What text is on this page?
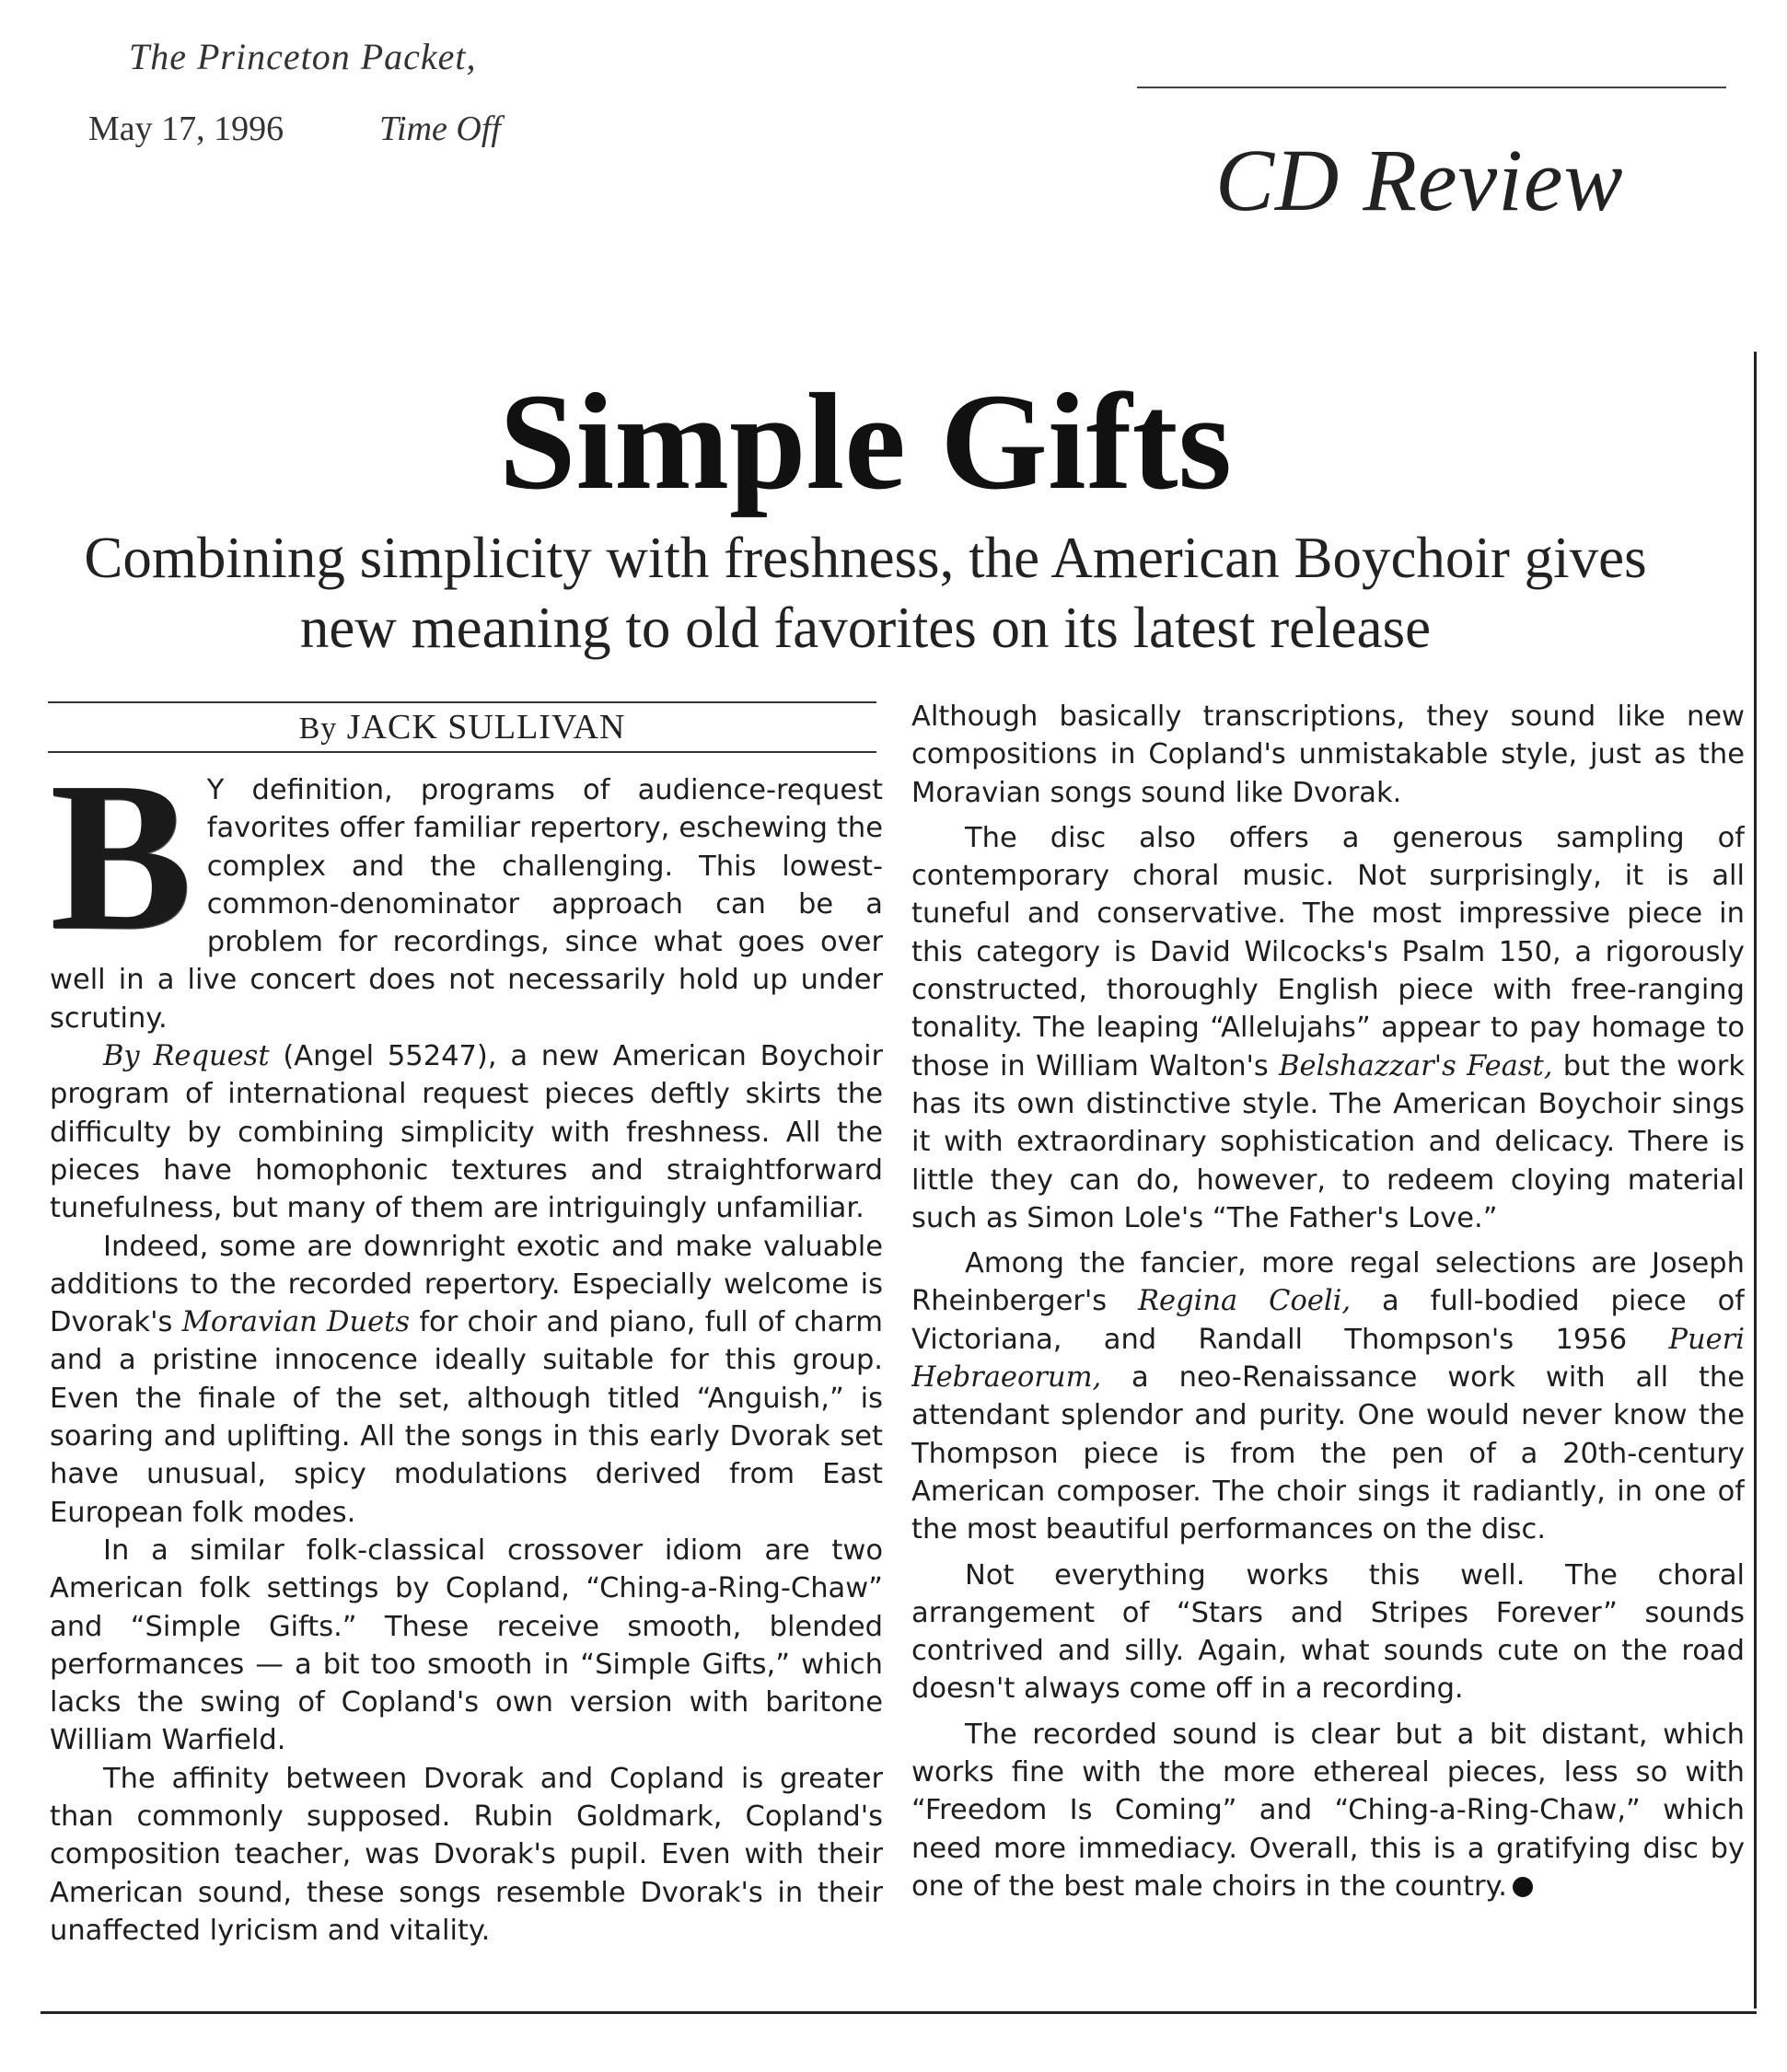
The Princeton Packet,
May 17, 1996	Time Off
CD Review
Simple Gifts
Combining simplicity with freshness, the American Boychoir gives new meaning to old favorites on its latest release
By JACK SULLIVAN

B Y definition, programs of audience-request favorites offer familiar repertory, eschewing the complex and the challenging. This lowest-common-denominator approach can be a problem for recordings, since what goes over well in a live concert does not necessarily hold up under scrutiny.

By Request (Angel 55247), a new American Boychoir program of international request pieces deftly skirts the difficulty by combining simplicity with freshness. All the pieces have homophonic textures and straightforward tunefulness, but many of them are intriguingly unfamiliar.

Indeed, some are downright exotic and make valuable additions to the recorded repertory. Especially welcome is Dvorak's Moravian Duets for choir and piano, full of charm and a pristine innocence ideally suitable for this group. Even the finale of the set, although titled “Anguish,” is soaring and uplifting. All the songs in this early Dvorak set have unusual, spicy modulations derived from East European folk modes.

In a similar folk-classical crossover idiom are two American folk settings by Copland, “Ching-a-Ring-Chaw” and “Simple Gifts.” These receive smooth, blended performances — a bit too smooth in “Simple Gifts,” which lacks the swing of Copland's own version with baritone William Warfield.

The affinity between Dvorak and Copland is greater than commonly supposed. Rubin Goldmark, Copland's composition teacher, was Dvorak's pupil. Even with their American sound, these songs resemble Dvorak's in their unaffected lyricism and vitality.

Although basically transcriptions, they sound like new compositions in Copland's unmistakable style, just as the Moravian songs sound like Dvorak.

The disc also offers a generous sampling of contemporary choral music. Not surprisingly, it is all tuneful and conservative. The most impressive piece in this category is David Wilcocks's Psalm 150, a rigorously constructed, thoroughly English piece with free-ranging tonality. The leaping “Allelujahs” appear to pay homage to those in William Walton's Belshazzar's Feast, but the work has its own distinctive style. The American Boychoir sings it with extraordinary sophistication and delicacy. There is little they can do, however, to redeem cloying material such as Simon Lole's “The Father's Love.”

Among the fancier, more regal selections are Joseph Rheinberger's Regina Coeli, a full-bodied piece of Victoriana, and Randall Thompson's 1956 Pueri Hebraeorum, a neo-Renaissance work with all the attendant splendor and purity. One would never know the Thompson piece is from the pen of a 20th-century American composer. The choir sings it radiantly, in one of the most beautiful performances on the disc.

Not everything works this well. The choral arrangement of “Stars and Stripes Forever” sounds contrived and silly. Again, what sounds cute on the road doesn't always come off in a recording.

The recorded sound is clear but a bit distant, which works fine with the more ethereal pieces, less so with “Freedom Is Coming” and “Ching-a-Ring-Chaw,” which need more immediacy. Overall, this is a gratifying disc by one of the best male choirs in the country.
